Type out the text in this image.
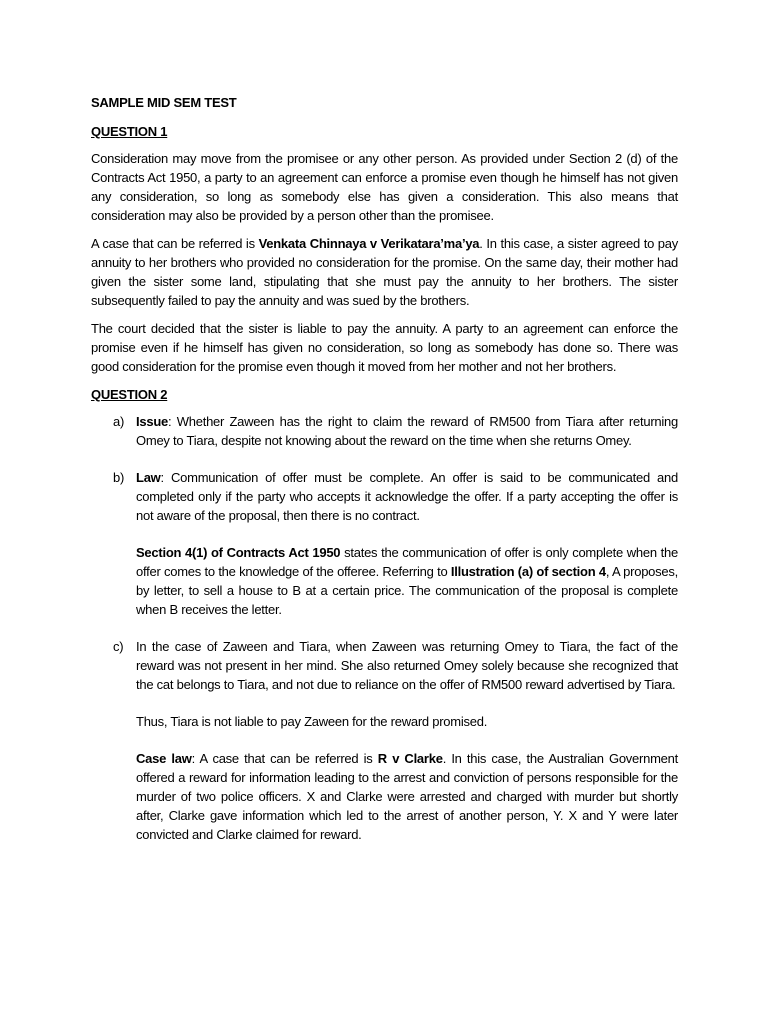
SAMPLE MID SEM TEST
QUESTION 1

Consideration may move from the promisee or any other person. As provided under Section 2 (d) of the Contracts Act 1950, a party to an agreement can enforce a promise even though he himself has not given any consideration, so long as somebody else has given a consideration. This also means that consideration may also be provided by a person other than the promisee.

A case that can be referred is Venkata Chinnaya v Verikatara’ma’ya. In this case, a sister agreed to pay annuity to her brothers who provided no consideration for the promise. On the same day, their mother had given the sister some land, stipulating that she must pay the annuity to her brothers. The sister subsequently failed to pay the annuity and was sued by the brothers.

The court decided that the sister is liable to pay the annuity. A party to an agreement can enforce the promise even if he himself has given no consideration, so long as somebody has done so. There was good consideration for the promise even though it moved from her mother and not her brothers.

QUESTION 2
a) Issue: Whether Zaween has the right to claim the reward of RM500 from Tiara after returning Omey to Tiara, despite not knowing about the reward on the time when she returns Omey.

b) Law: Communication of offer must be complete. An offer is said to be communicated and completed only if the party who accepts it acknowledge the offer. If a party accepting the offer is not aware of the proposal, then there is no contract.

Section 4(1) of Contracts Act 1950 states the communication of offer is only complete when the offer comes to the knowledge of the offeree. Referring to Illustration (a) of section 4, A proposes, by letter, to sell a house to B at a certain price. The communication of the proposal is complete when B receives the letter.

c) In the case of Zaween and Tiara, when Zaween was returning Omey to Tiara, the fact of the reward was not present in her mind. She also returned Omey solely because she recognized that the cat belongs to Tiara, and not due to reliance on the offer of RM500 reward advertised by Tiara.

Thus, Tiara is not liable to pay Zaween for the reward promised.

Case law: A case that can be referred is R v Clarke. In this case, the Australian Government offered a reward for information leading to the arrest and conviction of persons responsible for the murder of two police officers. X and Clarke were arrested and charged with murder but shortly after, Clarke gave information which led to the arrest of another person, Y. X and Y were later convicted and Clarke claimed for reward.
